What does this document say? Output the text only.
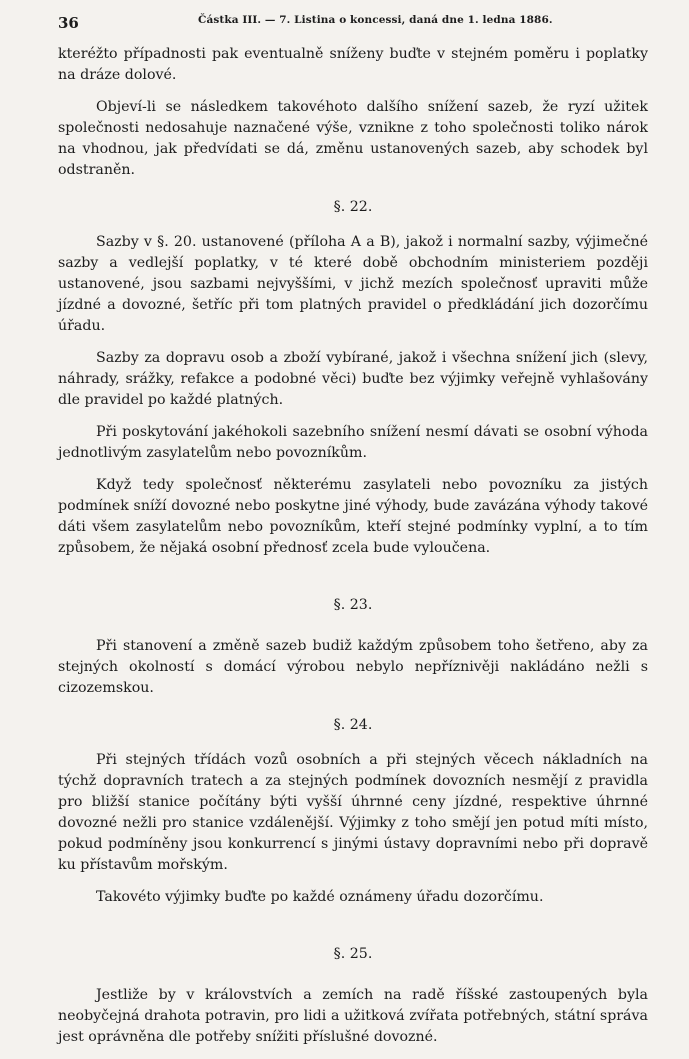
36	Částka III. — 7. Listina o koncessi, daná dne 1. ledna 1886.

kteréžto případnosti pak eventualně sníženy buďte v stejném poměru i poplatky na dráze dolové.

Objeví-li se následkem takovéhoto dalšího snížení sazeb, že ryzí užitek společnosti nedosahuje naznačené výše, vznikne z toho společnosti toliko nárok na vhodnou, jak předvídati se dá, změnu ustanovených sazeb, aby schodek byl odstraněn.

§. 22.

Sazby v §. 20. ustanovené (příloha A a B), jakož i normalní sazby, výjimečné sazby a vedlejší poplatky, v té které době obchodním ministeriem později ustanovené, jsou sazbami nejvyššími, v jichž mezích společnosť upraviti může jízdné a dovozné, šetříc při tom platných pravidel o předkládání jich dozorčímu úřadu.

Sazby za dopravu osob a zboží vybírané, jakož i všechna snížení jich (slevy, náhrady, srážky, refakce a podobné věci) buďte bez výjimky veřejně vyhlašovány dle pravidel po každé platných.

Při poskytování jakéhokoli sazebního snížení nesmí dávati se osobní výhoda jednotlivým zasylatelům nebo povozníkům.

Když tedy společnosť některému zasylateli nebo povozníku za jistých podmínek sníží dovozné nebo poskytne jiné výhody, bude zavázána výhody takové dáti všem zasylatelům nebo povozníkům, kteří stejné podmínky vyplní, a to tím způsobem, že nějaká osobní přednosť zcela bude vyloučena.

§. 23.

Při stanovení a změně sazeb budiž každým způsobem toho šetřeno, aby za stejných okolností s domácí výrobou nebylo nepříznivěji nakládáno nežli s cizozemskou.

§. 24.

Při stejných třídách vozů osobních a při stejných věcech nákladních na týchž dopravních tratech a za stejných podmínek dovozních nesmějí z pravidla pro bližší stanice počítány býti vyšší úhrnné ceny jízdné, respektive úhrnné dovozné nežli pro stanice vzdálenější. Výjimky z toho smějí jen potud míti místo, pokud podmíněny jsou konkurrencí s jinými ústavy dopravními nebo při dopravě ku přístavům mořským.

Takovéto výjimky buďte po každé oznámeny úřadu dozorčímu.

§. 25.

Jestliže by v královstvích a zemích na radě říšské zastoupených byla neobyčejná drahota potravin, pro lidi a užitková zvířata potřebných, státní správa jest oprávněna dle potřeby snížiti příslušné dovozné.
